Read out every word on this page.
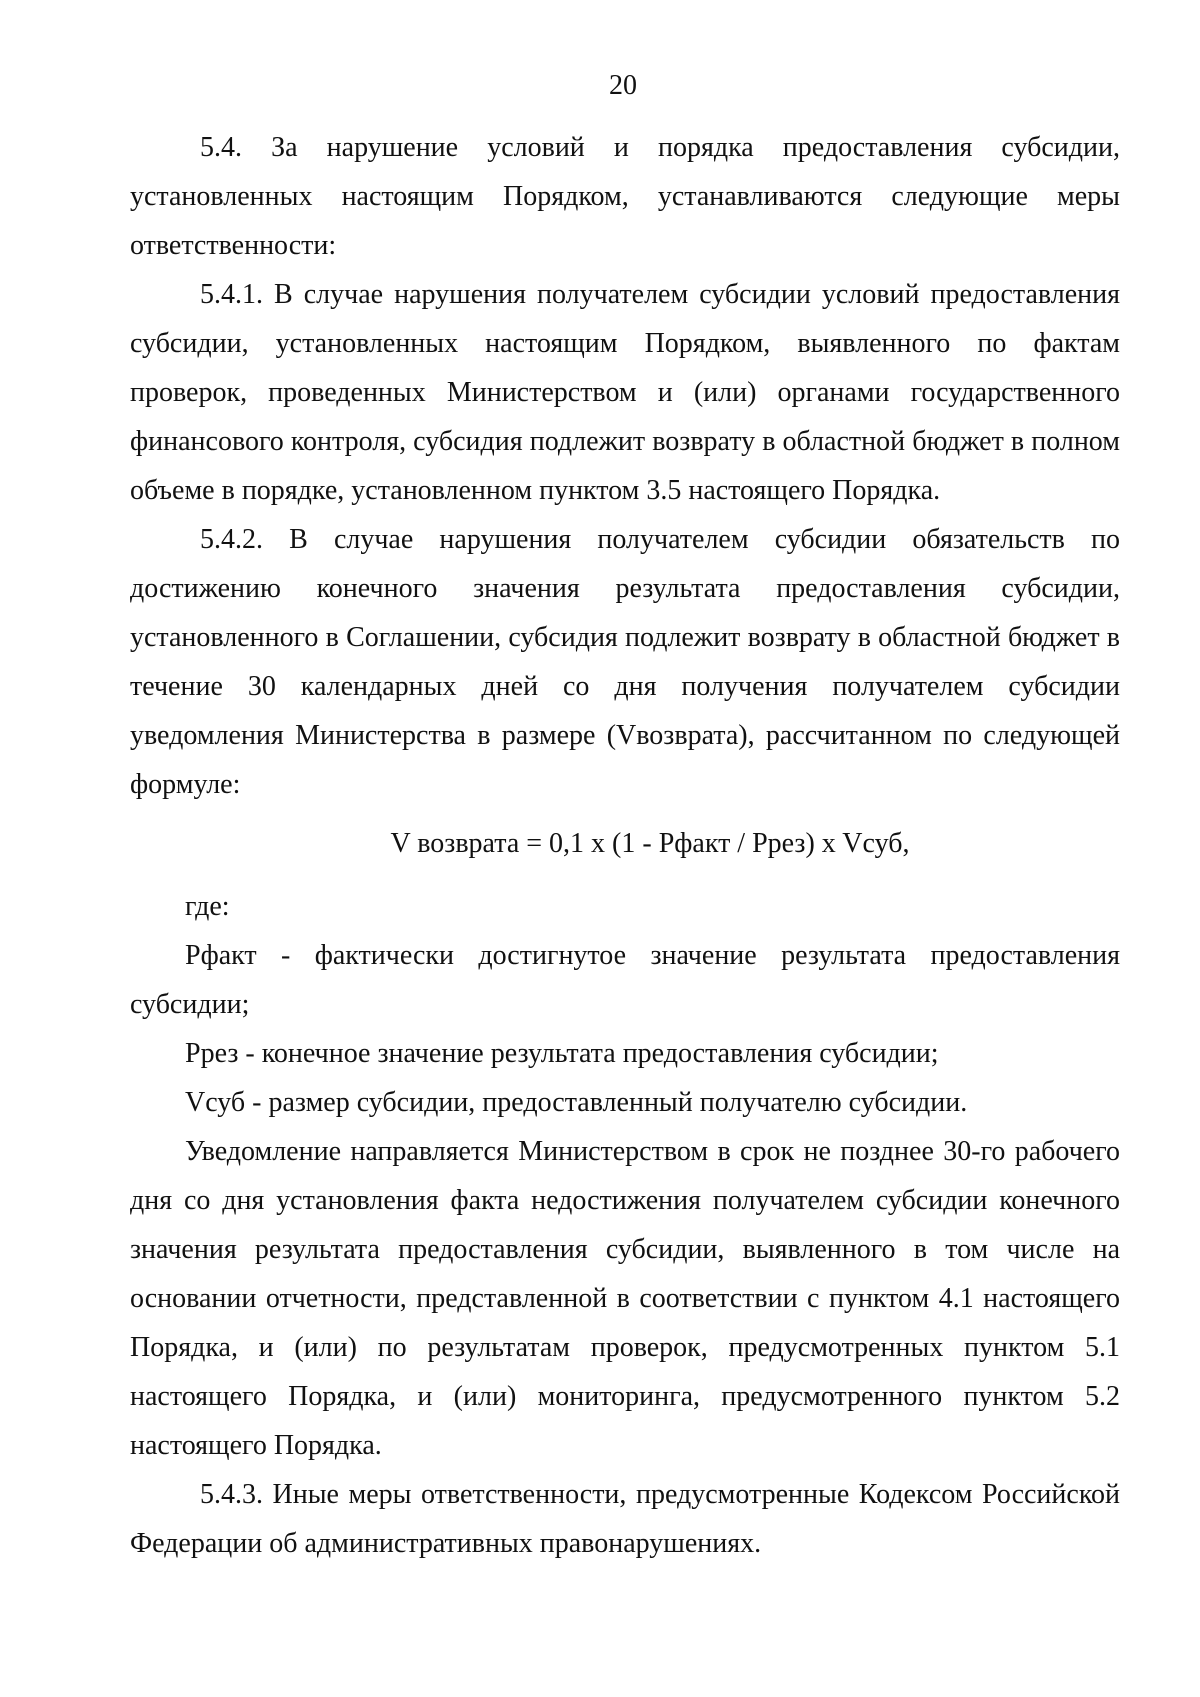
20

5.4. За нарушение условий и порядка предоставления субсидии, установленных настоящим Порядком, устанавливаются следующие меры ответственности:

5.4.1. В случае нарушения получателем субсидии условий предоставления субсидии, установленных настоящим Порядком, выявленного по фактам проверок, проведенных Министерством и (или) органами государственного финансового контроля, субсидия подлежит возврату в областной бюджет в полном объеме в порядке, установленном пунктом 3.5 настоящего Порядка.

5.4.2. В случае нарушения получателем субсидии обязательств по достижению конечного значения результата предоставления субсидии, установленного в Соглашении, субсидия подлежит возврату в областной бюджет в течение 30 календарных дней со дня получения получателем субсидии уведомления Министерства в размере (Vвозврата), рассчитанном по следующей формуле:

V возврата = 0,1 x (1 - Рфакт / Ррез) x Vсуб,

где:

Рфакт - фактически достигнутое значение результата предоставления субсидии;

Ррез - конечное значение результата предоставления субсидии;

Vсуб - размер субсидии, предоставленный получателю субсидии.

Уведомление направляется Министерством в срок не позднее 30-го рабочего дня со дня установления факта недостижения получателем субсидии конечного значения результата предоставления субсидии, выявленного в том числе на основании отчетности, представленной в соответствии с пунктом 4.1 настоящего Порядка, и (или) по результатам проверок, предусмотренных пунктом 5.1 настоящего Порядка, и (или) мониторинга, предусмотренного пунктом 5.2 настоящего Порядка.

5.4.3. Иные меры ответственности, предусмотренные Кодексом Российской Федерации об административных правонарушениях.
